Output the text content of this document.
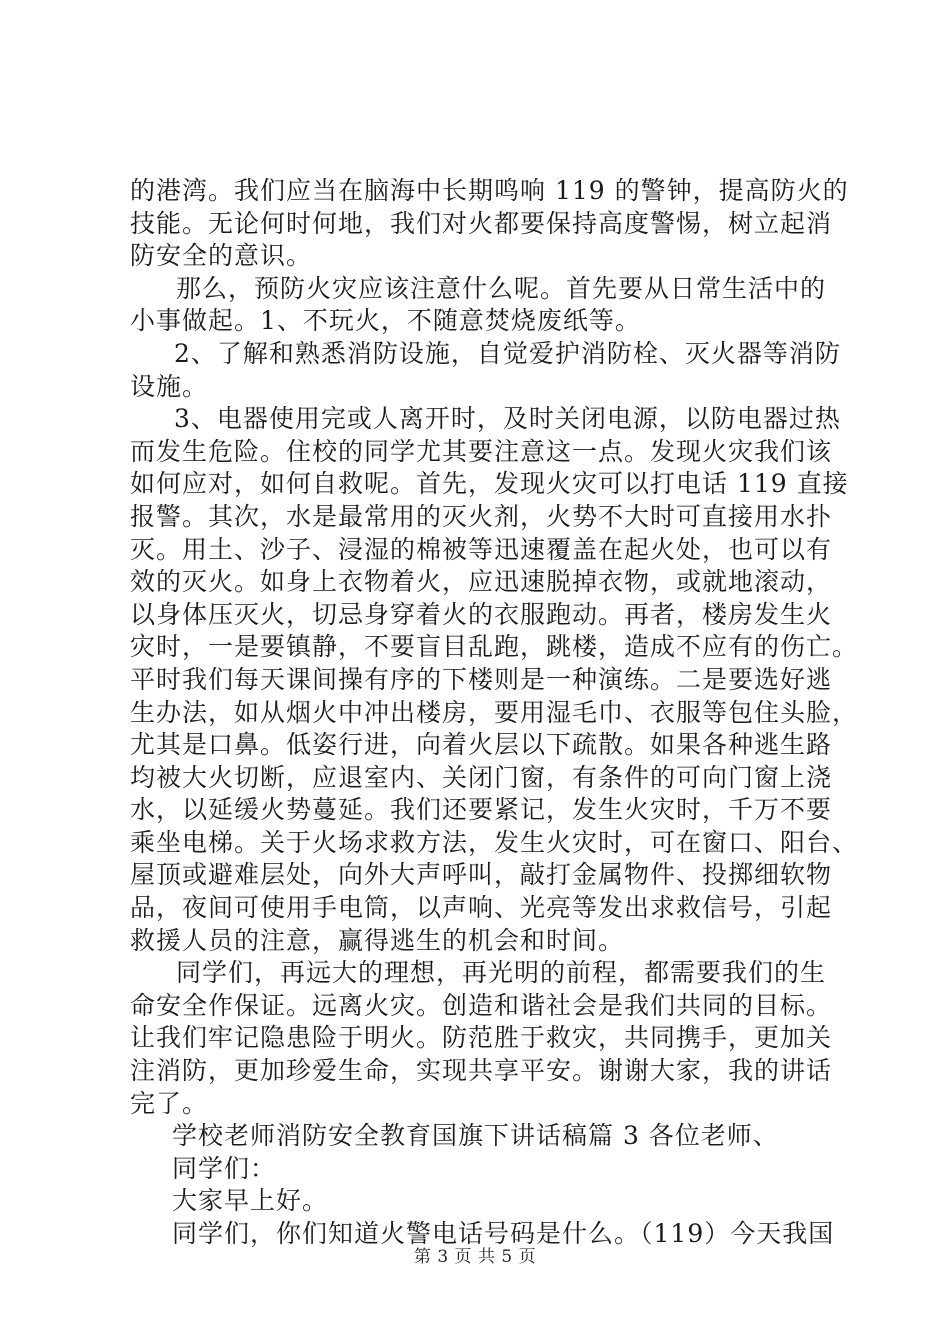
的港湾。我们应当在脑海中长期鸣响 119 的警钟，提高防火的
技能。无论何时何地，我们对火都要保持高度警惕，树立起消
防安全的意识。
那么，预防火灾应该注意什么呢。首先要从日常生活中的
小事做起。1、不玩火，不随意焚烧废纸等。
2、了解和熟悉消防设施，自觉爱护消防栓、灭火器等消防
设施。
3、电器使用完或人离开时，及时关闭电源，以防电器过热
而发生危险。住校的同学尤其要注意这一点。发现火灾我们该
如何应对，如何自救呢。首先，发现火灾可以打电话 119 直接
报警。其次，水是最常用的灭火剂，火势不大时可直接用水扑
灭。用土、沙子、浸湿的棉被等迅速覆盖在起火处，也可以有
效的灭火。如身上衣物着火，应迅速脱掉衣物，或就地滚动，
以身体压灭火，切忌身穿着火的衣服跑动。再者，楼房发生火
灾时，一是要镇静，不要盲目乱跑，跳楼，造成不应有的伤亡。
平时我们每天课间操有序的下楼则是一种演练。二是要选好逃
生办法，如从烟火中冲出楼房，要用湿毛巾、衣服等包住头脸，
尤其是口鼻。低姿行进，向着火层以下疏散。如果各种逃生路
均被大火切断，应退室内、关闭门窗，有条件的可向门窗上浇
水，以延缓火势蔓延。我们还要紧记，发生火灾时，千万不要
乘坐电梯。关于火场求救方法，发生火灾时，可在窗口、阳台、
屋顶或避难层处，向外大声呼叫，敲打金属物件、投掷细软物
品，夜间可使用手电筒，以声响、光亮等发出求救信号，引起
救援人员的注意，赢得逃生的机会和时间。
同学们，再远大的理想，再光明的前程，都需要我们的生
命安全作保证。远离火灾。创造和谐社会是我们共同的目标。
让我们牢记隐患险于明火。防范胜于救灾，共同携手，更加关
注消防，更加珍爱生命，实现共享平安。谢谢大家，我的讲话
完了。
学校老师消防安全教育国旗下讲话稿篇 3 各位老师、
同学们：
大家早上好。
同学们，你们知道火警电话号码是什么。（119）今天我国
第 3 页 共 5 页
